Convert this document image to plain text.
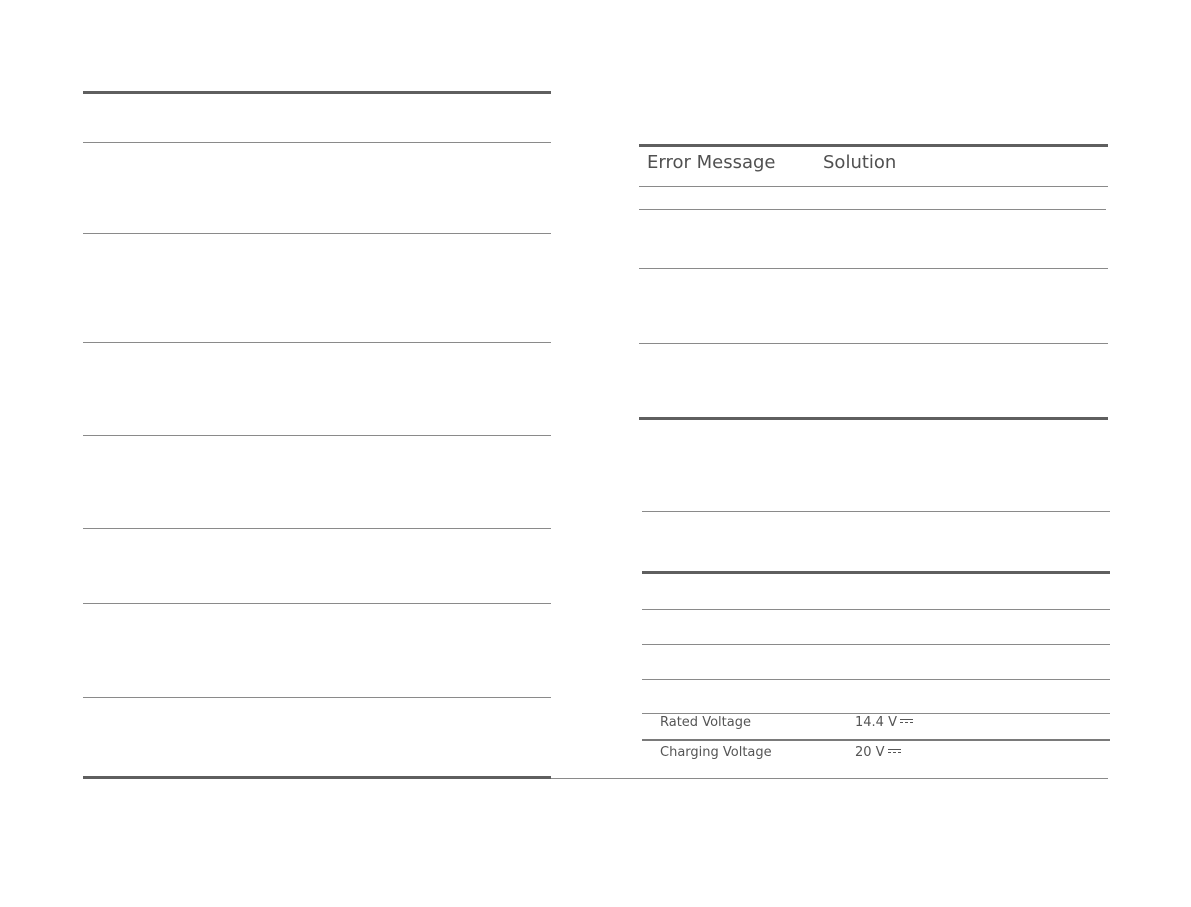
Error Message	Solution
Rated Voltage	14.4 V
Charging Voltage	20 V
